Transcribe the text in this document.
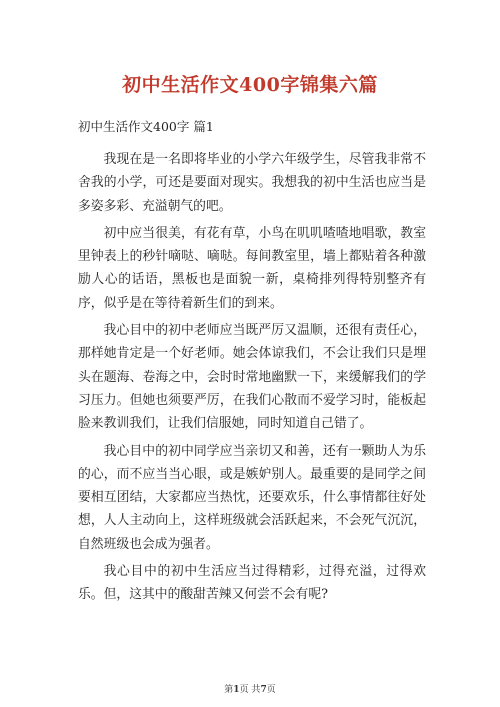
初中生活作文400字锦集六篇
初中生活作文400字 篇1

我现在是一名即将毕业的小学六年级学生，尽管我非常不舍我的小学，可还是要面对现实。我想我的初中生活也应当是多姿多彩、充溢朝气的吧。

初中应当很美，有花有草，小鸟在叽叽喳喳地唱歌，教室里钟表上的秒针嘀哒、嘀哒。每间教室里，墙上都贴着各种激励人心的话语，黑板也是面貌一新，桌椅排列得特别整齐有序，似乎是在等待着新生们的到来。

我心目中的初中老师应当既严厉又温顺，还很有责任心，那样她肯定是一个好老师。她会体谅我们，不会让我们只是埋头在题海、卷海之中，会时时常地幽默一下，来缓解我们的学习压力。但她也须要严厉，在我们心散而不爱学习时，能板起脸来教训我们，让我们信服她，同时知道自己错了。

我心目中的初中同学应当亲切又和善，还有一颗助人为乐的心，而不应当当心眼，或是嫉妒别人。最重要的是同学之间要相互团结，大家都应当热忱，还要欢乐，什么事情都往好处想，人人主动向上，这样班级就会活跃起来，不会死气沉沉，自然班级也会成为强者。

我心目中的初中生活应当过得精彩，过得充溢，过得欢乐。但，这其中的酸甜苦辣又何尝不会有呢?

第1页 共7页
